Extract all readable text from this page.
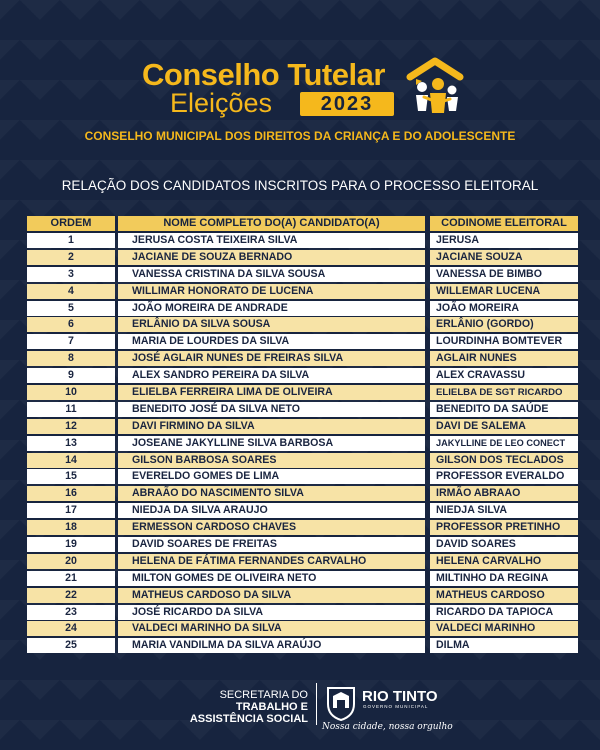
Conselho Tutelar
Eleições	2023
CONSELHO MUNICIPAL DOS DIREITOS DA CRIANÇA E DO ADOLESCENTE
RELAÇÃO DOS CANDIDATOS INSCRITOS PARA O PROCESSO ELEITORAL
ORDEM
1
2
3
4
5
6
7
8
9
10
11
12
13
14
15
16
17
18
19
20
21
22
23
24
25
NOME COMPLETO DO(A) CANDIDATO(A)
JERUSA COSTA TEIXEIRA SILVA
JACIANE DE SOUZA BERNADO
VANESSA CRISTINA DA SILVA SOUSA
WILLIMAR HONORATO DE LUCENA
JOÃO MOREIRA DE ANDRADE
ERLÂNIO DA SILVA SOUSA
MARIA DE LOURDES DA SILVA
JOSÉ AGLAIR NUNES DE FREIRAS SILVA
ALEX SANDRO PEREIRA DA SILVA
ELIELBA FERREIRA LIMA DE OLIVEIRA
BENEDITO JOSÉ DA SILVA NETO
DAVI FIRMINO DA SILVA
JOSEANE JAKYLLINE SILVA BARBOSA
GILSON BARBOSA SOARES
EVERELDO GOMES DE LIMA
ABRAÃO DO NASCIMENTO SILVA
NIEDJA DA SILVA ARAUJO
ERMESSON CARDOSO CHAVES
DAVID SOARES DE FREITAS
HELENA DE FÁTIMA FERNANDES CARVALHO
MILTON GOMES DE OLIVEIRA NETO
MATHEUS CARDOSO DA SILVA
JOSÉ RICARDO DA SILVA
VALDECI MARINHO DA SILVA
MARIA VANDILMA DA SILVA ARAÚJO
CODINOME ELEITORAL
JERUSA
JACIANE SOUZA
VANESSA DE BIMBO
WILLEMAR LUCENA
JOÃO MOREIRA
ERLÂNIO (GORDO)
LOURDINHA BOMTEVER
AGLAIR NUNES
ALEX CRAVASSU
ELIELBA DE SGT RICARDO
BENEDITO DA SAÚDE
DAVI DE SALEMA
JAKYLLINE DE LEO CONECT
GILSON DOS TECLADOS
PROFESSOR EVERALDO
IRMÃO ABRAAO
NIEDJA SILVA
PROFESSOR PRETINHO
DAVID SOARES
HELENA CARVALHO
MILTINHO DA REGINA
MATHEUS CARDOSO
RICARDO DA TAPIOCA
VALDECI MARINHO
DILMA
SECRETARIA DO
TRABALHO E
ASSISTÊNCIA SOCIAL
RIO TINTO
GOVERNO MUNICIPAL
Nossa cidade, nossa orgulho
